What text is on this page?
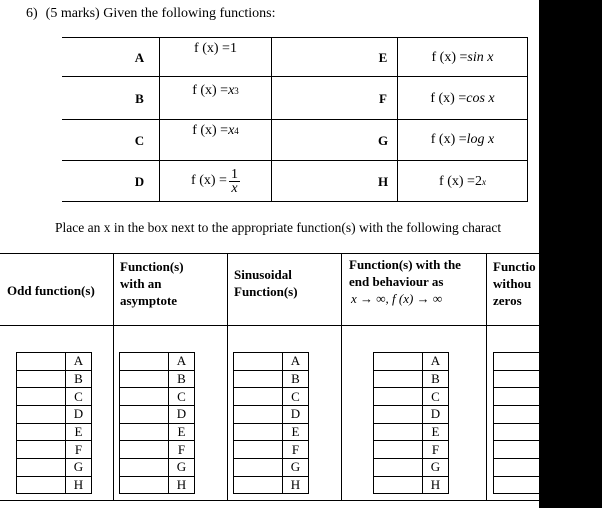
6) (5 marks) Given the following functions:
A
B
C
D
f (x) = 1
f (x) = x 3
f (x) = x 4
f $(x) = \frac{1}{x}$
E
F
G
H
f (x) = sin x
f (x) = cos x
f (x) = log x
f (x) = 2 x
Place an x in the box next to the appropriate function(s) with the following charact
Odd function(s)
Function(s) with an asymptote
Sinusoidal Function(s)
Function(s) with the end behaviour as
x → ∞, f (x) → ∞
Functio withou zeros
A
B
C
D
E
F
G
H
A
B
C
D
E
F
G
H
A
B
C
D
E
F
G
H
A
B
C
D
E
F
G
H
